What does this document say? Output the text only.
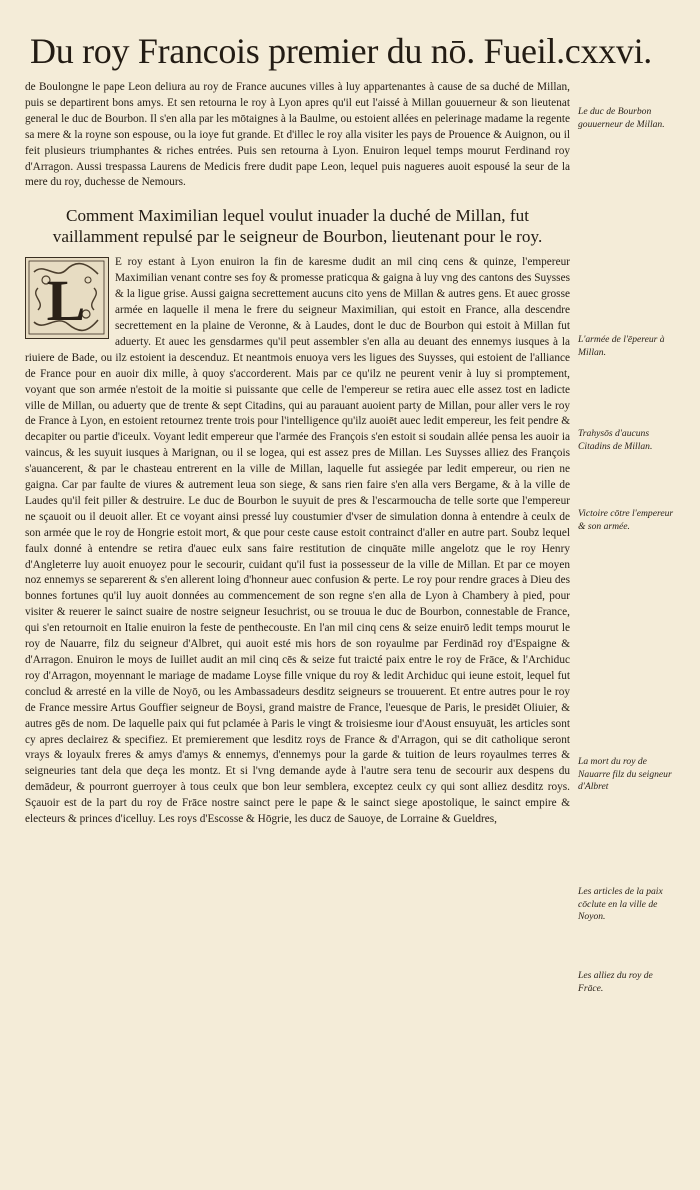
Du roy Francois premier du nō. Fueil.cxxvi.

de Boulongne le pape Leon deliura au roy de France aucunes villes à luy appartenantes à cause de sa duché de Millan, puis se departirent bons amys. Et sen retourna le roy à Lyon apres qu'il eut l'aissé à Millan gouuerneur & son lieutenat general le duc de Bourbon. Il s'en alla par les mōtaignes à la Baulme, ou estoient allées en pelerinage madame la regente sa mere & la royne son espouse, ou la ioye fut grande. Et d'illec le roy alla visiter les pays de Prouence & Auignon, ou il feit plusieurs triumphantes & riches entrées. Puis sen retourna à Lyon. Enuiron lequel temps mourut Ferdinand roy d'Arragon. Aussi trespassa Laurens de Medicis frere dudit pape Leon, lequel puis nagueres auoit espousé la seur de la mere du roy, duchesse de Nemours.

Comment Maximilian lequel voulut inuader la duché de Millan, fut vaillamment repulsé par le seigneur de Bourbon, lieutenant pour le roy.
L

E roy estant à Lyon enuiron la fin de karesme dudit an mil cinq cens & quinze, l'empereur Maximilian venant contre ses foy & promesse praticqua & gaigna à luy vng des cantons des Suysses & la ligue grise. Aussi gaigna secrettement aucuns cito yens de Millan & autres gens. Et auec grosse armée en laquelle il mena le frere du seigneur Maximilian, qui estoit en France, alla descendre secrettement en la plaine de Veronne, & à Laudes, dont le duc de Bourbon qui estoit à Millan fut aduerty. Et auec les gensdarmes qu'il peut assembler s'en alla au deuant des ennemys iusques à la riuiere de Bade, ou ilz estoient ia descenduz. Et neantmois enuoya vers les ligues des Suysses, qui estoient de l'alliance de France pour en auoir dix mille, à quoy s'accorderent. Mais par ce qu'ilz ne peurent venir à luy si promptement, voyant que son armée n'estoit de la moitie si puissante que celle de l'empereur se retira auec elle assez tost en ladicte ville de Millan, ou aduerty que de trente & sept Citadins, qui au parauant auoient party de Millan, pour aller vers le roy de France à Lyon, en estoient retournez trente trois pour l'intelligence qu'ilz auoiēt auec ledit empereur, les feit pendre & decapiter ou partie d'iceulx. Voyant ledit empereur que l'armée des François s'en estoit si soudain allée pensa les auoir ia vaincus, & les suyuit iusques à Marignan, ou il se logea, qui est assez pres de Millan. Les Suysses alliez des François s'auancerent, & par le chasteau entrerent en la ville de Millan, laquelle fut assiegée par ledit empereur, ou rien ne gaigna. Car par faulte de viures & autrement leua son siege, & sans rien faire s'en alla vers Bergame, & à la ville de Laudes qu'il feit piller & destruire. Le duc de Bourbon le suyuit de pres & l'escarmoucha de telle sorte que l'empereur ne sçauoit ou il deuoit aller. Et ce voyant ainsi pressé luy coustumier d'vser de simulation donna à entendre à ceulx de son armée que le roy de Hongrie estoit mort, & que pour ceste cause estoit contrainct d'aller en autre part. Soubz lequel faulx donné à entendre se retira d'auec eulx sans faire restitution de cinquāte mille angelotz que le roy Henry d'Angleterre luy auoit enuoyez pour le secourir, cuidant qu'il fust ia possesseur de la ville de Millan. Et par ce moyen noz ennemys se separerent & s'en allerent loing d'honneur auec confusion & perte. Le roy pour rendre graces à Dieu des bonnes fortunes qu'il luy auoit données au commencement de son regne s'en alla de Lyon à Chambery à pied, pour visiter & reuerer le sainct suaire de nostre seigneur Iesuchrist, ou se trouua le duc de Bourbon, connestable de France, qui s'en retournoit en Italie enuiron la feste de penthecouste. En l'an mil cinq cens & seize enuirō ledit temps mourut le roy de Nauarre, filz du seigneur d'Albret, qui auoit esté mis hors de son royaulme par Ferdinād roy d'Espaigne & d'Arragon. Enuiron le moys de Iuillet audit an mil cinq cēs & seize fut traicté paix entre le roy de Frāce, & l'Archiduc roy d'Arragon, moyennant le mariage de madame Loyse fille vnique du roy & ledit Archiduc qui ieune estoit, lequel fut conclud & arresté en la ville de Noyō, ou les Ambassadeurs desditz seigneurs se trouuerent. Et entre autres pour le roy de France messire Artus Gouffier seigneur de Boysi, grand maistre de France, l'euesque de Paris, le presidēt Oliuier, & autres gēs de nom. De laquelle paix qui fut pclamée à Paris le vingt & troisiesme iour d'Aoust ensuyuāt, les articles sont cy apres declairez & specifiez. Et premierement que lesditz roys de France & d'Arragon, qui se dit catholique seront vrays & loyaulx freres & amys d'amys & ennemys, d'ennemys pour la garde & tuition de leurs royaulmes terres & seigneuries tant dela que deça les montz. Et si l'vng demande ayde à l'autre sera tenu de secourir aux despens du demādeur, & pourront guerroyer à tous ceulx que bon leur semblera, exceptez ceulx cy qui sont alliez desditz roys. Sçauoir est de la part du roy de Frāce nostre sainct pere le pape & le sainct siege apostolique, le sainct empire & electeurs & princes d'icelluy. Les roys d'Escosse & Hōgrie, les ducz de Sauoye, de Lorraine & Gueldres,

Le duc de Bourbon gouuerneur de Millan.
L'armée de l'ēpereur à Millan.
Trahysōs d'aucuns Citadins de Millan.
Victoire cōtre l'empereur & son armée.
La mort du roy de Nauarre filz du seigneur d'Albret
Les articles de la paix cōclute en la ville de Noyon.
Les alliez du roy de Frāce.
